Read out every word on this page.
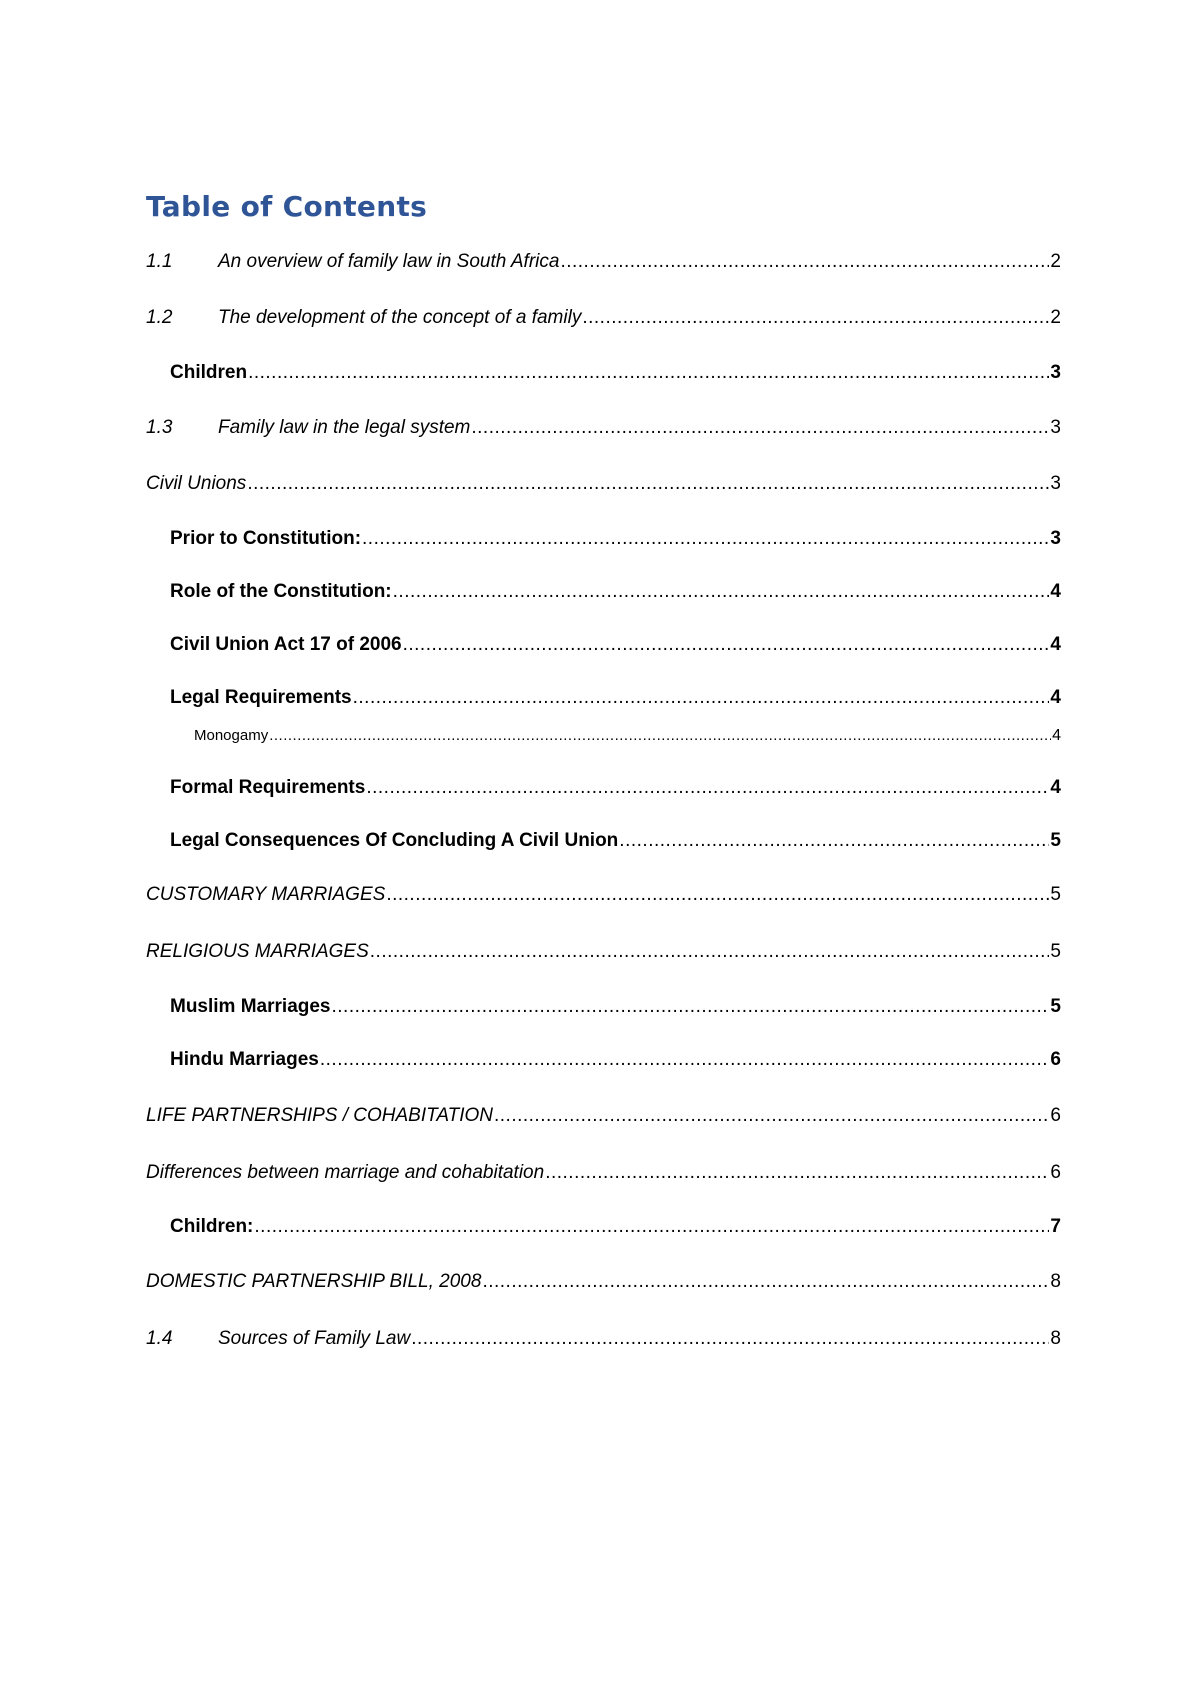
Table of Contents
1.1	An overview of family law in South Africa .....	2
1.2	The development of the concept of a family .....	2
Children .....	3
1.3	Family law in the legal system .....	3
Civil Unions .....	3
Prior to Constitution: .....	3
Role of the Constitution: .....	4
Civil Union Act 17 of 2006 .....	4
Legal Requirements .....	4
Monogamy .....	4
Formal Requirements .....	4
Legal Consequences Of Concluding A Civil Union .....	5
CUSTOMARY MARRIAGES .....	5
RELIGIOUS MARRIAGES .....	5
Muslim Marriages .....	5
Hindu Marriages .....	6
LIFE PARTNERSHIPS / COHABITATION .....	6
Differences between marriage and cohabitation .....	6
Children: .....	7
DOMESTIC PARTNERSHIP BILL, 2008 .....	8
1.4	Sources of Family Law .....	8
